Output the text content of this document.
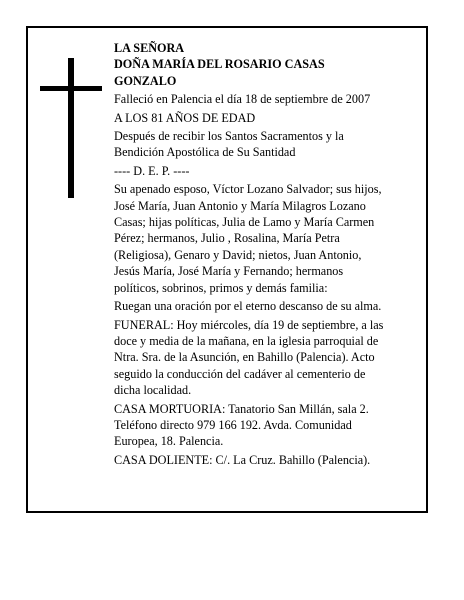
LA SEÑORA
DOÑA MARÍA DEL ROSARIO CASAS
GONZALO
Falleció en Palencia el día 18 de septiembre de 2007
A LOS 81 AÑOS DE EDAD
Después de recibir los Santos Sacramentos y la
Bendición Apostólica de Su Santidad
---- D. E. P. ----
Su apenado esposo, Víctor Lozano Salvador; sus hijos,
José María, Juan Antonio y María Milagros Lozano
Casas; hijas políticas, Julia de Lamo y María Carmen
Pérez; hermanos, Julio , Rosalina, María Petra
(Religiosa), Genaro y David; nietos, Juan Antonio,
Jesús María, José María y Fernando; hermanos
políticos, sobrinos, primos y demás familia:
Ruegan una oración por el eterno descanso de su alma.
FUNERAL: Hoy miércoles, día 19 de septiembre, a las
doce y media de la mañana, en la iglesia parroquial de
Ntra. Sra. de la Asunción, en Bahillo (Palencia). Acto
seguido la conducción del cadáver al cementerio de
dicha localidad.
CASA MORTUORIA: Tanatorio San Millán, sala 2.
Teléfono directo 979 166 192. Avda. Comunidad
Europea, 18. Palencia.
CASA DOLIENTE: C/. La Cruz. Bahillo (Palencia).
